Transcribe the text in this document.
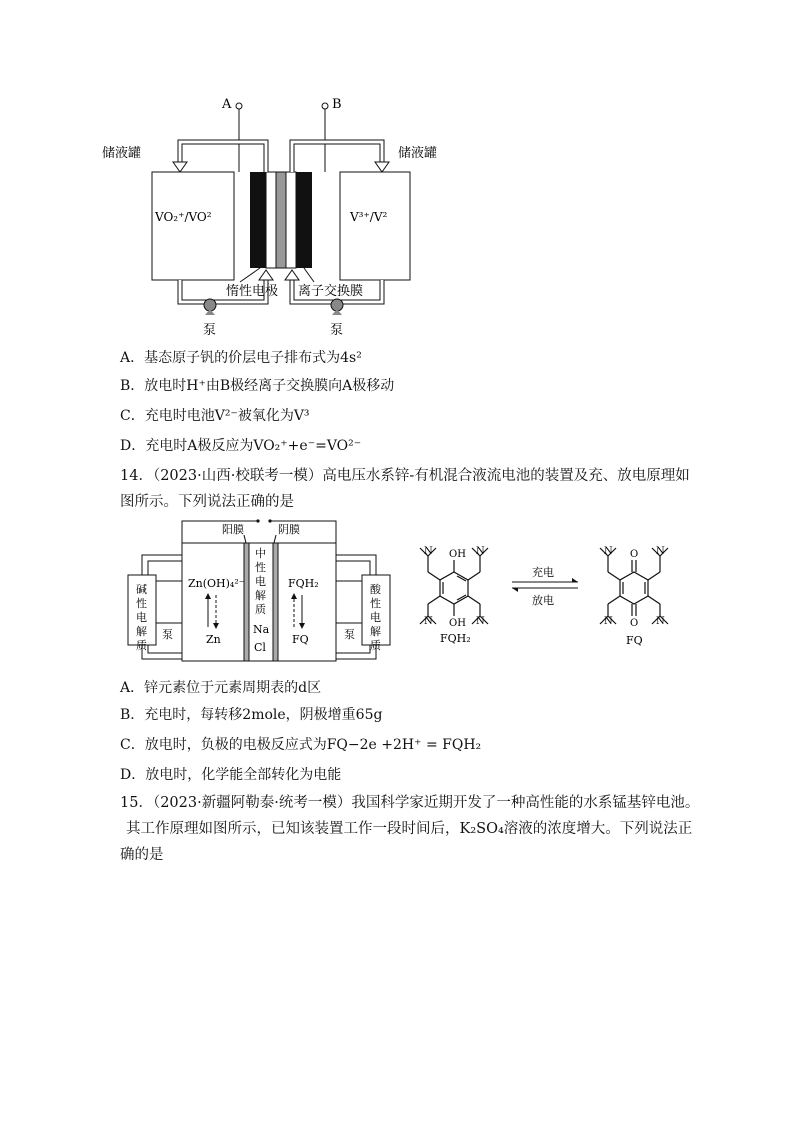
A	B
储液罐	储液罐
VO₂⁺/VO²	V³⁺/V²
惰性电极 离子交换膜
泵	泵
A．基态原子钒的价层电子排布式为4s²
B．放电时H⁺由B极经离子交换膜向A极移动
C．充电时电池V²⁻被氧化为V³
D．充电时A极反应为VO₂⁺+e⁻=VO²⁻
14．（2023·山西·校联考一模）高电压水系锌-有机混合液流电池的装置及充、放电原理如
图所示。下列说法正确的是
阳膜	阴膜
泵	泵
碱
性
电
解
质
中
性
电
解
质
酸
性
电
解
质
Zn(OH)₄²⁻
Zn
FQH₂
FQ
Na
Cl
OH
OH
N	N
N	N
FQH₂
充电
放电
O
O
N	N
N	N
FQ
A．锌元素位于元素周期表的d区
B．充电时，每转移2mole，阴极增重65g
C．放电时，负极的电极反应式为FQ−2e +2H⁺ = FQH₂
D．放电时，化学能全部转化为电能
15．（2023·新疆阿勒泰·统考一模）我国科学家近期开发了一种高性能的水系锰基锌电池。
其工作原理如图所示，已知该装置工作一段时间后，K₂SO₄溶液的浓度增大。下列说法正
确的是
